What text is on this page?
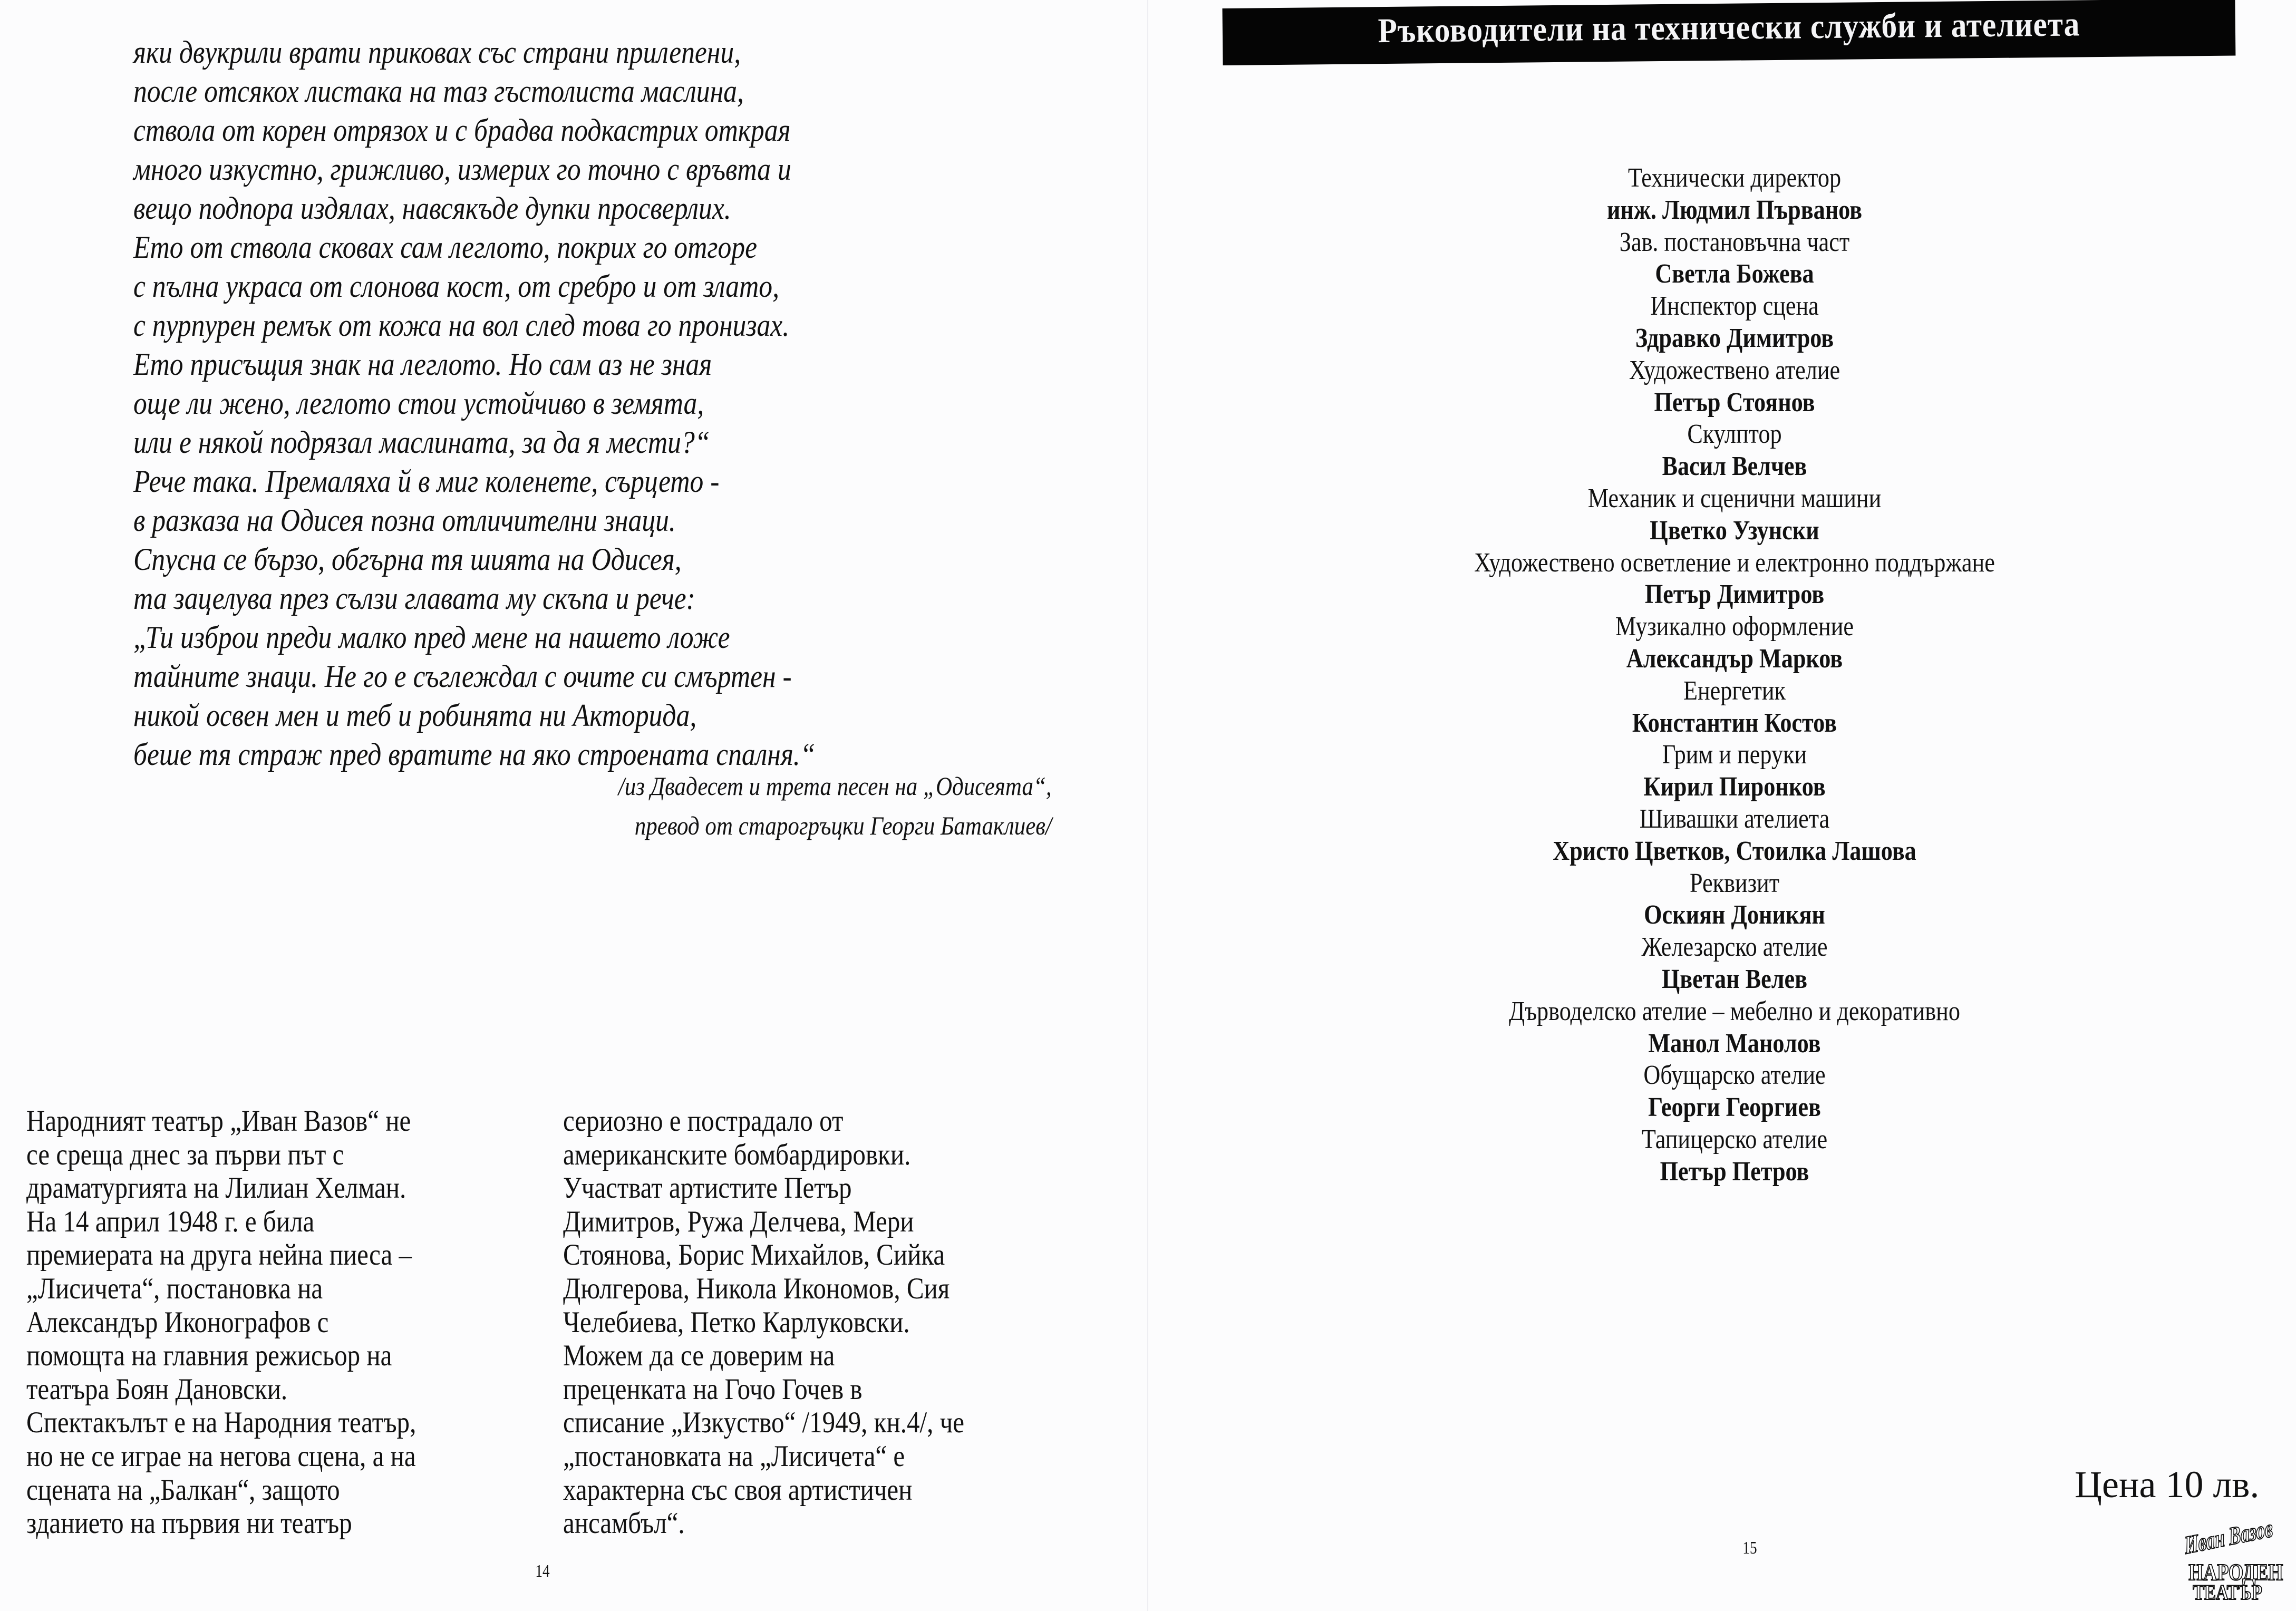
яки двукрили врати приковах със страни прилепени,
после отсякох листака на таз гъстолиста маслина,
ствола от корен отрязох и с брадва подкастрих открая
много изкустно, грижливо, измерих го точно с връвта и
вещо подпора издялах, навсякъде дупки просверлих.
Ето от ствола сковах сам леглото, покрих го отгоре
с пълна украса от слонова кост, от сребро и от злато,
с пурпурен ремък от кожа на вол след това го пронизах.
Ето присъщия знак на леглото. Но сам аз не зная
още ли жено, леглото стои устойчиво в земята,
или е някой подрязал маслината, за да я мести?“
Рече така. Премаляха й в миг коленете, сърцето -
в разказа на Одисея позна отличителни знаци.
Спусна се бързо, обгърна тя шията на Одисея,
та зацелува през сълзи главата му скъпа и рече:
„Ти изброи преди малко пред мене на нашето ложе
тайните знаци. Не го е съглеждал с очите си смъртен -
никой освен мен и теб и робинята ни Акторида,
беше тя страж пред вратите на яко строената спалня.“
/из Двадесет и трета песен на „Одисеята“,
превод от старогръцки Георги Батаклиев/
Народният театър „Иван Вазов“ не
се среща днес за първи път с
драматургията на Лилиан Хелман.
На 14 април 1948 г. е била
премиерата на друга нейна пиеса –
„Лисичета“, постановка на
Александър Иконографов с
помощта на главния режисьор на
театъра Боян Дановски.
Спектакълът е на Народния театър,
но не се играе на негова сцена, а на
сцената на „Балкан“, защото
зданието на първия ни театър
сериозно е пострадало от
американските бомбардировки.
Участват артистите Петър
Димитров, Ружа Делчева, Мери
Стоянова, Борис Михайлов, Сийка
Дюлгерова, Никола Икономов, Сия
Челебиева, Петко Карлуковски.
Можем да се доверим на
преценката на Гочо Гочев в
списание „Изкуство“ /1949, кн.4/, че
„постановката на „Лисичета“ е
характерна със своя артистичен
ансамбъл“.
14
Ръководители на технически служби и ателиета
Технически директор
инж. Людмил Първанов
Зав. постановъчна част
Светла Божева
Инспектор сцена
Здравко Димитров
Художествено ателие
Петър Стоянов
Скулптор
Васил Велчев
Механик и сценични машини
Цветко Узунски
Художествено осветление и електронно поддържане
Петър Димитров
Музикално оформление
Александър Марков
Енергетик
Константин Костов
Грим и перуки
Кирил Пиронков
Шивашки ателиета
Христо Цветков, Стоилка Лашова
Реквизит
Оскиян Доникян
Железарско ателие
Цветан Велев
Дърводелско ателие – мебелно и декоративно
Манол Манолов
Обущарско ателие
Георги Георгиев
Тапицерско ателие
Петър Петров
Цена 10 лв.
15	Иван Вазов
НАРОДЕН
ТЕАТЪР
